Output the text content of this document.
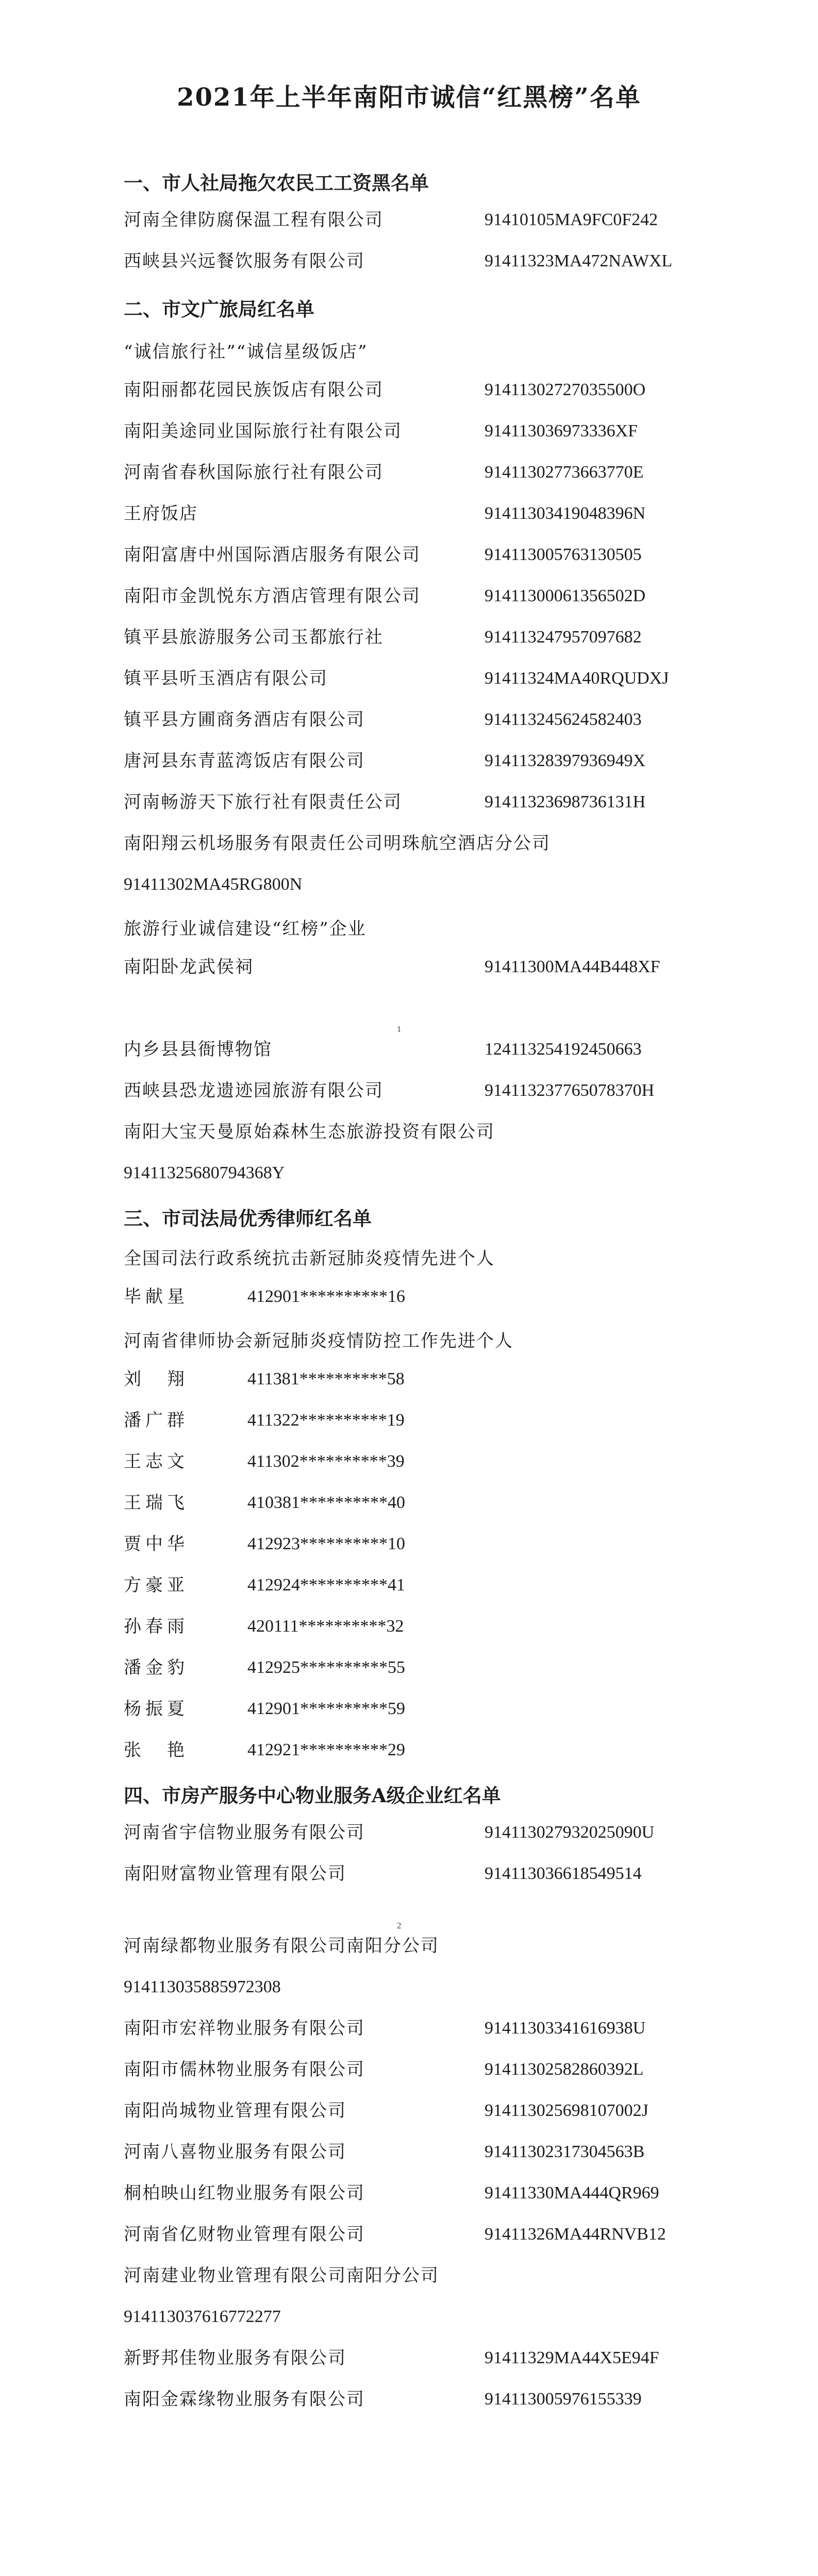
2021年上半年南阳市诚信“红黑榜”名单
一、市人社局拖欠农民工工资黑名单
河南全律防腐保温工程有限公司	91410105MA9FC0F242
西峡县兴远餐饮服务有限公司	91411323MA472NAWXL
二、市文广旅局红名单
“诚信旅行社”“诚信星级饭店”
南阳丽都花园民族饭店有限公司	91411302727035500O
南阳美途同业国际旅行社有限公司	914113036973336XF
河南省春秋国际旅行社有限公司	91411302773663770E
王府饭店	91411303419048396N
南阳富唐中州国际酒店服务有限公司	91411300576313050​5
南阳市金凯悦东方酒店管理有限公司	91411300061356502D
镇平县旅游服务公司玉都旅行社	914113247957097682
镇平县听玉酒店有限公司	91411324MA40RQUDXJ
镇平县方圃商务酒店有限公司	914113245624582403
唐河县东青蓝湾饭店有限公司	91411328397936949X
河南畅游天下旅行社有限责任公司	91411323698736131H
南阳翔云机场服务有限责任公司明珠航空酒店分公司
91411302MA45RG800N
旅游行业诚信建设“红榜”企业
南阳卧龙武侯祠	91411300MA44B448XF
1
内乡县县衙博物馆	124113254192450663
西峡县恐龙遗迹园旅游有限公司	914113237765078370H
南阳大宝天曼原始森林生态旅游投资有限公司
91411325680794368Y
三、市司法局优秀律师红名单
全国司法行政系统抗击新冠肺炎疫情先进个人
毕献星	412901**********16
河南省律师协会新冠肺炎疫情防控工作先进个人
刘　翔	411381**********58
潘广群	411322**********19
王志文	411302**********39
王瑞飞	410381**********40
贾中华	412923**********10
方豪亚	412924**********41
孙春雨	420111**********32
潘金豹	412925**********55
杨振夏	412901**********59
张　艳	412921**********29
四、市房产服务中心物业服务A级企业红名单
河南省宇信物业服务有限公司	91411302793202509​0U
南阳财富物业管理有限公司	914113036618549514
2
河南绿都物业服务有限公司南阳分公司
914113035885972308
南阳市宏祥物业服务有限公司	91411303341616938U
南阳市儒林物业服务有限公司	91411302582860392L
南阳尚城物业管理有限公司	914113025698107002J
河南八喜物业服务有限公司	91411302317304563B
桐柏映山红物业服务有限公司	91411330MA444QR969
河南省亿财物业管理有限公司	91411326MA44RNVB12
河南建业物业管理有限公司南阳分公司
914113037616772277
新野邦佳物业服务有限公司	91411329MA44X5E94F
南阳金霖缘物业服务有限公司	914113005976155339
